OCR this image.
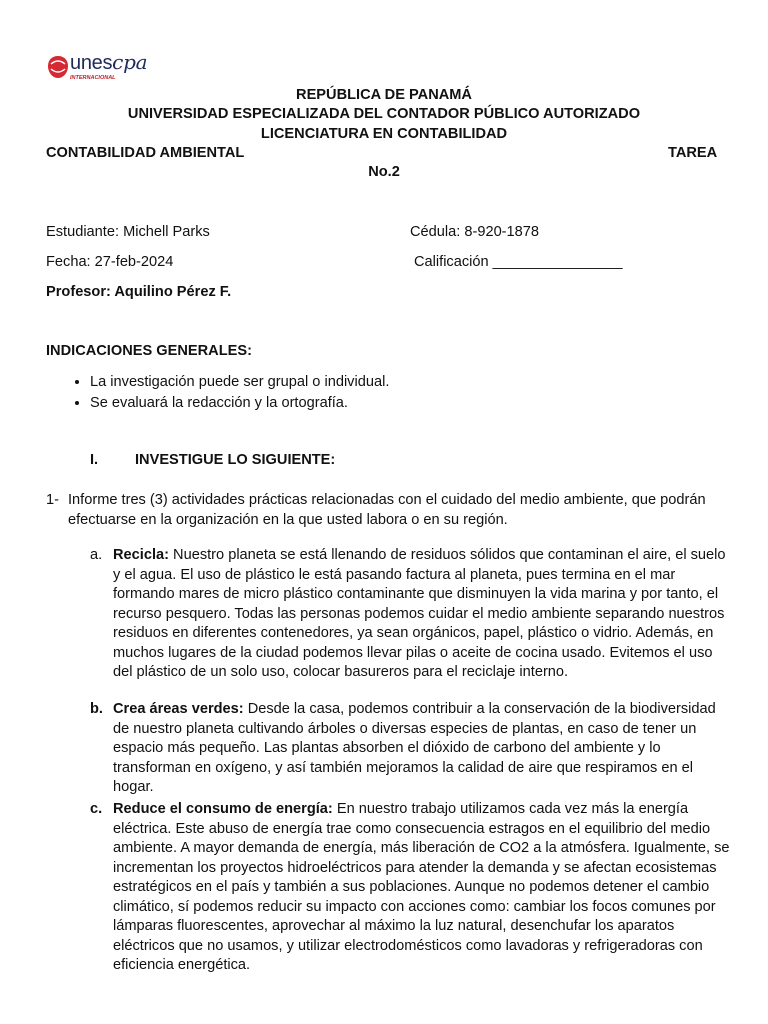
unescpa
INTERNACIONAL
REPÚBLICA DE PANAMÁ
UNIVERSIDAD ESPECIALIZADA DEL CONTADOR PÚBLICO AUTORIZADO
LICENCIATURA EN CONTABILIDAD
CONTABILIDAD AMBIENTAL	TAREA
No.2
Estudiante: Michell Parks	Cédula: 8-920-1878
Fecha: 27-feb-2024	Calificación ________________
Profesor: Aquilino Pérez F.
INDICACIONES GENERALES:
• La investigación puede ser grupal o individual.
• Se evaluará la redacción y la ortografía.
I.	INVESTIGUE LO SIGUIENTE:
1- Informe tres (3) actividades prácticas relacionadas con el cuidado del medio ambiente, que podrán efectuarse en la organización en la que usted labora o en su región.
a. Recicla: Nuestro planeta se está llenando de residuos sólidos que contaminan el aire, el suelo y el agua. El uso de plástico le está pasando factura al planeta, pues termina en el mar formando mares de micro plástico contaminante que disminuyen la vida marina y por tanto, el recurso pesquero. Todas las personas podemos cuidar el medio ambiente separando nuestros residuos en diferentes contenedores, ya sean orgánicos, papel, plástico o vidrio. Además, en muchos lugares de la ciudad podemos llevar pilas o aceite de cocina usado. Evitemos el uso del plástico de un solo uso, colocar basureros para el reciclaje interno.
b. Crea áreas verdes: Desde la casa, podemos contribuir a la conservación de la biodiversidad de nuestro planeta cultivando árboles o diversas especies de plantas, en caso de tener un espacio más pequeño. Las plantas absorben el dióxido de carbono del ambiente y lo transforman en oxígeno, y así también mejoramos la calidad de aire que respiramos en el hogar.
c. Reduce el consumo de energía: En nuestro trabajo utilizamos cada vez más la energía eléctrica. Este abuso de energía trae como consecuencia estragos en el equilibrio del medio ambiente. A mayor demanda de energía, más liberación de CO2 a la atmósfera. Igualmente, se incrementan los proyectos hidroeléctricos para atender la demanda y se afectan ecosistemas estratégicos en el país y también a sus poblaciones. Aunque no podemos detener el cambio climático, sí podemos reducir su impacto con acciones como: cambiar los focos comunes por lámparas fluorescentes, aprovechar al máximo la luz natural, desenchufar los aparatos eléctricos que no usamos, y utilizar electrodomésticos como lavadoras y refrigeradoras con eficiencia energética.
